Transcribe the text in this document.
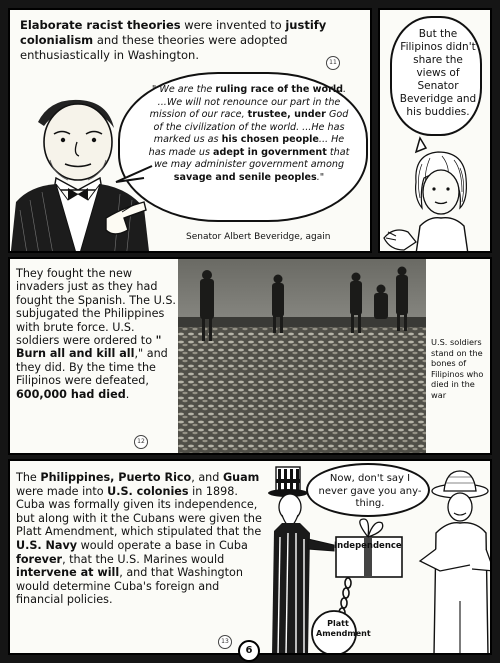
Elaborate racist theories were invented to justify colonialism and these theories were adopted enthusiastically in Washington.

11

" We are the ruling race of the world. ...We will not renounce our part in the mission of our race, trustee, under God of the civilization of the world. ...He has marked us as his chosen people... He has made us adept in government that we may administer government among savage and senile peoples."

Senator Albert Beveridge, again

But the Filipinos didn't share the views of Senator Beveridge and his buddies.

They fought the new invaders just as they had fought the Spanish. The U.S. subjugated the Philippines with brute force. U.S. soldiers were ordered to " Burn all and kill all," and they did. By the time the Filipinos were defeated, 600,000 had died.

12

U.S. soldiers stand on the bones of Filipinos who died in the war

The Philippines, Puerto Rico, and Guam were made into U.S. colonies in 1898. Cuba was formally given its independence, but along with it the Cubans were given the Platt Amendment, which stipulated that the U.S. Navy would operate a base in Cuba forever, that the U.S. Marines would intervene at will, and that Washington would determine Cuba's foreign and financial policies.

13

Now, don't say I never gave you any-thing.

Independence

Platt Amendment

6
